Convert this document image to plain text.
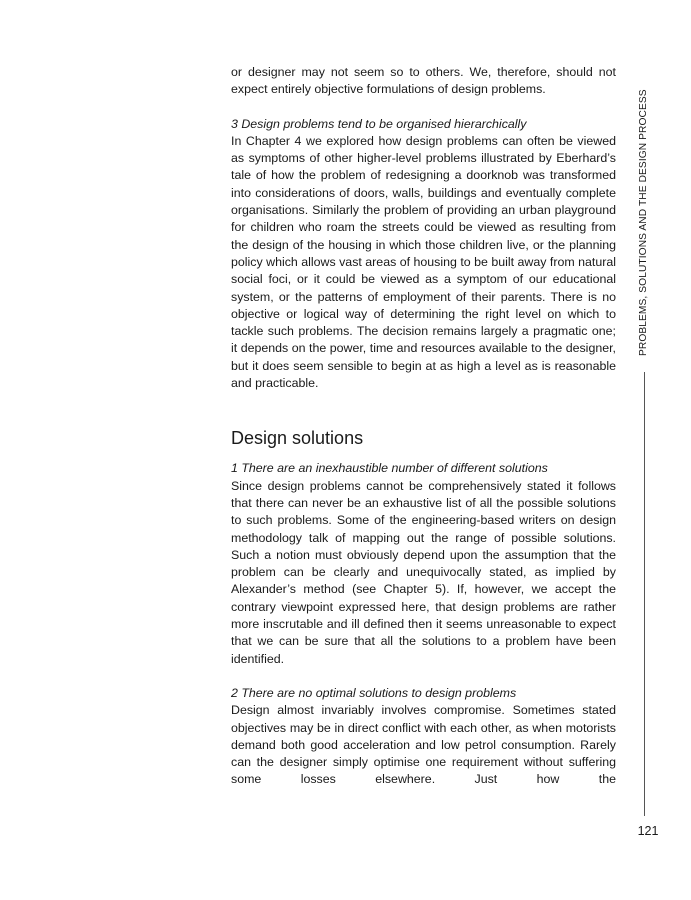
or designer may not seem so to others. We, therefore, should not expect entirely objective formulations of design problems.

3 Design problems tend to be organised hierarchically

In Chapter 4 we explored how design problems can often be viewed as symptoms of other higher-level problems illustrated by Eberhard’s tale of how the problem of redesigning a doorknob was transformed into considerations of doors, walls, buildings and eventually complete organisations. Similarly the problem of providing an urban playground for children who roam the streets could be viewed as resulting from the design of the housing in which those children live, or the planning policy which allows vast areas of housing to be built away from natural social foci, or it could be viewed as a symptom of our educational system, or the patterns of employment of their parents. There is no objective or logical way of determining the right level on which to tackle such problems. The decision remains largely a pragmatic one; it depends on the power, time and resources available to the designer, but it does seem sensible to begin at as high a level as is reasonable and practicable.

Design solutions

1 There are an inexhaustible number of different solutions

Since design problems cannot be comprehensively stated it follows that there can never be an exhaustive list of all the possible solutions to such problems. Some of the engineering-based writers on design methodology talk of mapping out the range of possible solutions. Such a notion must obviously depend upon the assumption that the problem can be clearly and unequivocally stated, as implied by Alexander’s method (see Chapter 5). If, however, we accept the contrary viewpoint expressed here, that design problems are rather more inscrutable and ill defined then it seems unreasonable to expect that we can be sure that all the solutions to a problem have been identified.

2 There are no optimal solutions to design problems

Design almost invariably involves compromise. Sometimes stated objectives may be in direct conflict with each other, as when motorists demand both good acceleration and low petrol consumption. Rarely can the designer simply optimise one requirement without suffering some losses elsewhere. Just how the

PROBLEMS, SOLUTIONS AND THE DESIGN PROCESS
121
